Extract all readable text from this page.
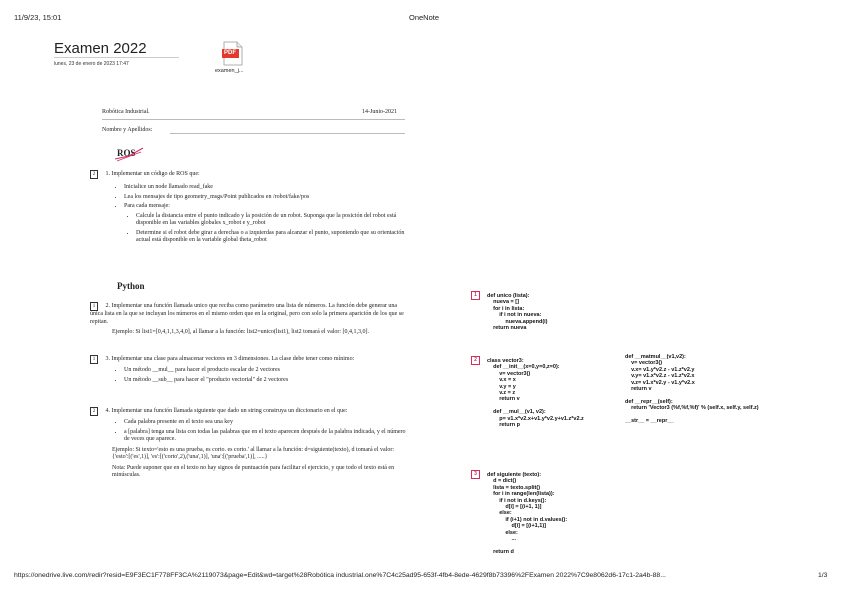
11/9/23, 15:01	OneNote
Examen 2022
lunes, 23 de enero de 2023 17:47
PDF
examen_j...
Robótica Industrial.	14-Junio-2021
Nombre y Apellidos:
ROS
2 1. Implementar un código de ROS que:
• Inicialice un node llamado read_fake
• Lea los mensajes de tipo geometry_msgs/Point publicados en /robot/fake/pos
• Para cada mensaje:
• Calcule la distancia entre el punto indicado y la posición de un robot. Suponga que la posición del robot está disponible en las variables globales x_robot e y_robot
• Determine si el robot debe girar a derechas o a izquierdas para alcanzar el punto, suponiendo que su orientación actual está disponible en la variable global theta_robot
Python
1 2. Implementar una función llamada unico que reciba como parámetro una lista de números. La función debe generar una única lista en la que se incluyan los números en el mismo orden que en la original, pero con solo la primera aparición de los que se repitan.
Ejemplo: Si list1=[0,4,1,1,3,4,0], al llamar a la función: list2=unico(list1), list2 tomará el valor: [0,4,1,3,0].
1 3. Implementar una clase para almacenar vectores en 3 dimensiones. La clase debe tener como mínimo:
• Un método __mul__ para hacer el producto escalar de 2 vectores
• Un método __sub__ para hacer el "producto vectorial" de 2 vectores
2 4. Implementar una función llamada siguiente que dado un string construya un diccionario en el que:
• Cada palabra presente en el texto sea una key
• a [palabra] tenga una lista con todas las palabras que en el texto aparecen después de la palabra indicada, y el número de veces que aparece.
Ejemplo: Si texto='esto es una prueba, es corto. es corto.' al llamar a la función: d=siguiente(texto), d tomará el valor: {'esto':[('es',1)], 'es':[('corto',2),('una',1)], 'una':[('prueba',1)], .....}
Nota: Puede suponer que en el texto no hay signos de puntuación para facilitar el ejercicio, y que todo el texto está en minúsculas.
1 def unico (lista):
nueva = []
for i in lista:
if i not in nueva:
nueva.append(i)
return nueva
2 class vector3:
def __init__(x=0,y=0,z=0):
v= vector3()
v.x = x
v.y = y
v.z = z
return v

def __mul__(v1, v2):
p= v1.x*v2.x+v1.y*v2.y+v1.z*v2.z
return p
def __matmul__(v1,v2):
v= vector3()
v.x= v1.y*v2.z - v1.z*v2.y
v.y= v1.x*v2.z - v1.z*v2.x
v.z= v1.x*v2.y - v1.y*v2.x
return v

def __repr__(self):
return 'Vector3 (%f,%f,%f)' % (self.x, self.y, self.z)

__str__ = __repr__
3 def siguiente (texto):
d = dict()
lista = texto.split()
for i in range(len(lista)):
if i not in d.keys():
d[i] = [(i+1, 1)]
else:
if (i+1) not in d.values():
d[i] = [(i+1,1)]
else:
...

return d
https://onedrive.live.com/redir?resid=E9F3EC1F778FF3CA%2119073&page=Edit&wd=target%28Robótica industrial.one%7C4c25ad95-653f-4fb4-8ede-4629f8b73396%2FExamen 2022%7C9e8062d6-17c1-2a4b-88...	1/3
